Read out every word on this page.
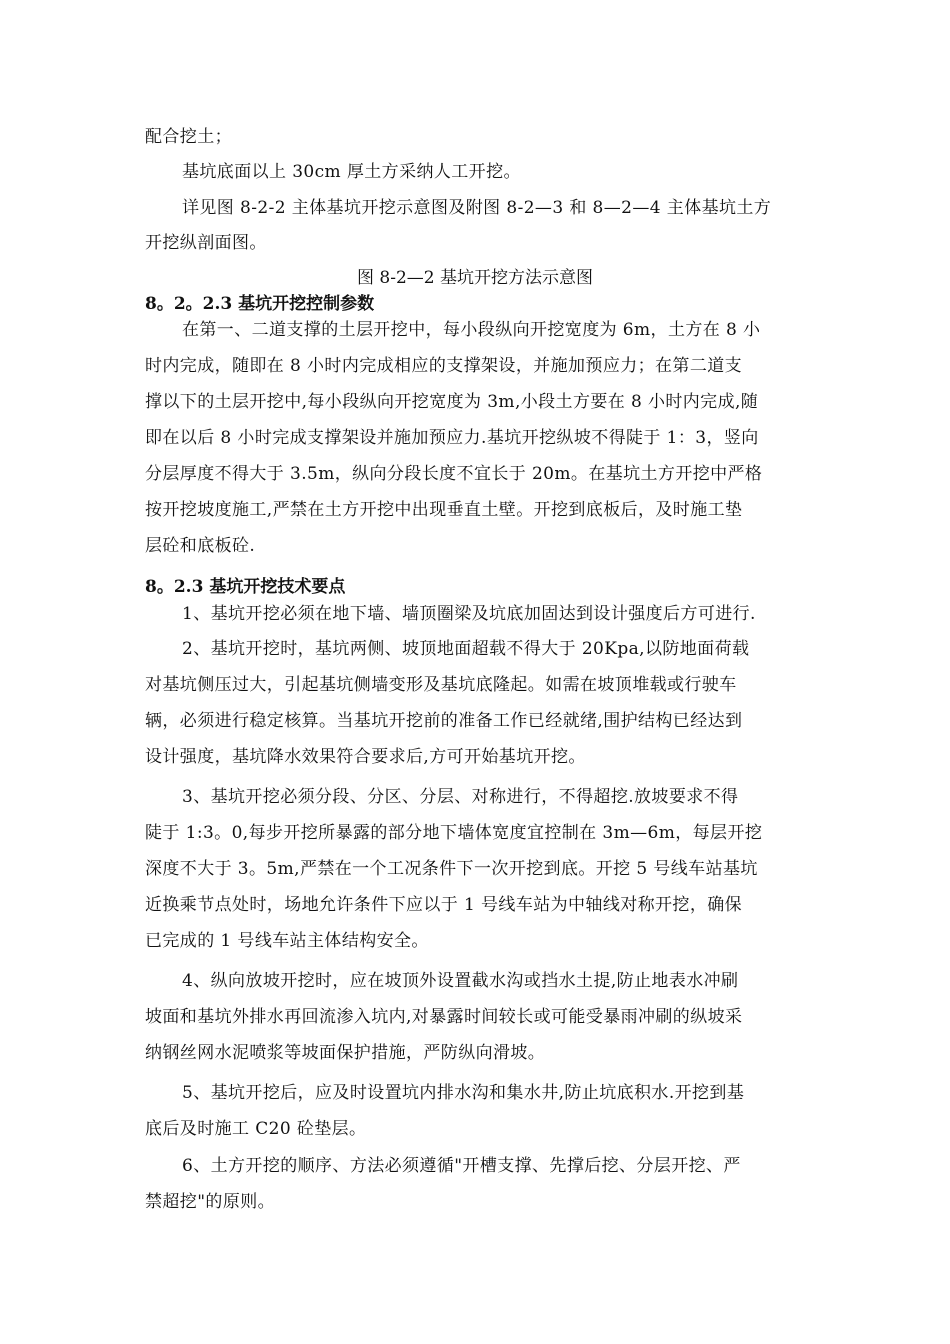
配合挖土；
基坑底面以上 30cm 厚土方采纳人工开挖。
详见图 8-2-2 主体基坑开挖示意图及附图 8-2—3 和 8—2—4 主体基坑土方
开挖纵剖面图。
图 8-2—2 基坑开挖方法示意图
8。2。2.3 基坑开挖控制参数
在第一、二道支撑的土层开挖中，每小段纵向开挖宽度为 6m，土方在 8 小
时内完成，随即在 8 小时内完成相应的支撑架设，并施加预应力；在第二道支
撑以下的土层开挖中,每小段纵向开挖宽度为 3m,小段土方要在 8 小时内完成,随
即在以后 8 小时完成支撑架设并施加预应力.基坑开挖纵坡不得陡于 1：3，竖向
分层厚度不得大于 3.5m，纵向分段长度不宜长于 20m。在基坑土方开挖中严格
按开挖坡度施工,严禁在土方开挖中出现垂直土壁。开挖到底板后，及时施工垫
层砼和底板砼.
8。2.3 基坑开挖技术要点
1、基坑开挖必须在地下墙、墙顶圈梁及坑底加固达到设计强度后方可进行.
2、基坑开挖时，基坑两侧、坡顶地面超载不得大于 20Kpa,以防地面荷载
对基坑侧压过大，引起基坑侧墙变形及基坑底隆起。如需在坡顶堆载或行驶车
辆，必须进行稳定核算。当基坑开挖前的准备工作已经就绪,围护结构已经达到
设计强度，基坑降水效果符合要求后,方可开始基坑开挖。
3、基坑开挖必须分段、分区、分层、对称进行，不得超挖.放坡要求不得
陡于 1:3。0,每步开挖所暴露的部分地下墙体宽度宜控制在 3m—6m，每层开挖
深度不大于 3。5m,严禁在一个工况条件下一次开挖到底。开挖 5 号线车站基坑
近换乘节点处时，场地允许条件下应以于 1 号线车站为中轴线对称开挖，确保
已完成的 1 号线车站主体结构安全。
4、纵向放坡开挖时，应在坡顶外设置截水沟或挡水土提,防止地表水冲刷
坡面和基坑外排水再回流渗入坑内,对暴露时间较长或可能受暴雨冲刷的纵坡采
纳钢丝网水泥喷浆等坡面保护措施，严防纵向滑坡。
5、基坑开挖后，应及时设置坑内排水沟和集水井,防止坑底积水.开挖到基
底后及时施工 C20 砼垫层。
6、土方开挖的顺序、方法必须遵循"开槽支撑、先撑后挖、分层开挖、严
禁超挖"的原则。
